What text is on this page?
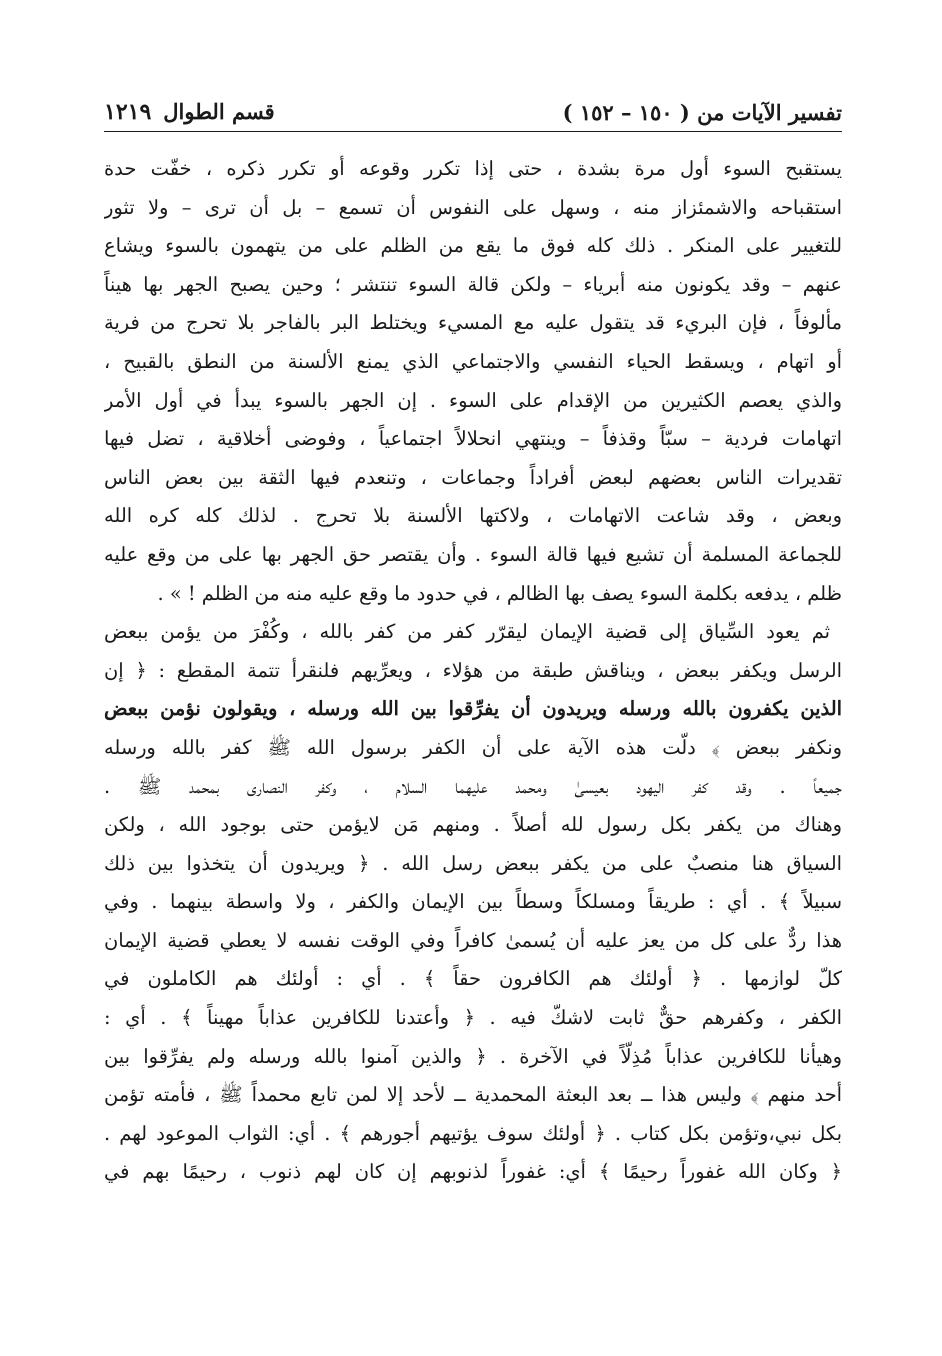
تفسير الآيات من ( ١٥٠ – ١٥٢ )
قسم الطوال
١٢١٩
يستقبح السوء أول مرة بشدة ، حتى إذا تكرر وقوعه أو تكرر ذكره ، خفّت حدة
استقباحه والاشمئزاز منه ، وسهل على النفوس أن تسمع – بل أن ترى – ولا تثور
للتغيير على المنكر . ذلك كله فوق ما يقع من الظلم على من يتهمون بالسوء ويشاع
عنهم – وقد يكونون منه أبرياء – ولكن قالة السوء تنتشر ؛ وحين يصبح الجهر بها هيناً
مألوفاً ، فإن البريء قد يتقول عليه مع المسيء ويختلط البر بالفاجر بلا تحرج من فرية
أو اتهام ، ويسقط الحياء النفسي والاجتماعي الذي يمنع الألسنة من النطق بالقبيح ،
والذي يعصم الكثيرين من الإقدام على السوء . إن الجهر بالسوء يبدأ في أول الأمر
اتهامات فردية – سبّاً وقذفاً – وينتهي انحلالاً اجتماعياً ، وفوضى أخلاقية ، تضل فيها
تقديرات الناس بعضهم لبعض أفراداً وجماعات ، وتنعدم فيها الثقة بين بعض الناس
وبعض ، وقد شاعت الاتهامات ، ولاكتها الألسنة بلا تحرج . لذلك كله كره الله
للجماعة المسلمة أن تشيع فيها قالة السوء . وأن يقتصر حق الجهر بها على من وقع عليه
ظلم ، يدفعه بكلمة السوء يصف بها الظالم ، في حدود ما وقع عليه منه من الظلم ! » .
ثم يعود السِّياق إلى قضية الإيمان ليقرّر كفر من كفر بالله ، وكُفْرَ من يؤمن ببعض
الرسل ويكفر ببعض ، ويناقش طبقة من هؤلاء ، ويعرِّيهم فلنقرأ تتمة المقطع : ﴿ إن
الذين يكفرون بالله ورسله ويريدون أن يفرِّقوا بين الله ورسله ، ويقولون نؤمن ببعض
ونكفر ببعض ﴾ دلّت هذه الآية على أن الكفر برسول الله ﷺ كفر بالله ورسله
جميعاً . وقد كفر اليهود بعيسىٰ ومحمد عليهما السلام ، وكفر النصارى بمحمد ﷺ .
وهناك من يكفر بكل رسول لله أصلاً . ومنهم مَن لايؤمن حتى بوجود الله ، ولكن
السياق هنا منصبٌ على من يكفر ببعض رسل الله . ﴿ ويريدون أن يتخذوا بين ذلك
سبيلاً ﴾ . أي : طريقاً ومسلكاً وسطاً بين الإيمان والكفر ، ولا واسطة بينهما . وفي
هذا ردٌّ على كل من يعز عليه أن يُسمىٰ كافراً وفي الوقت نفسه لا يعطي قضية الإيمان
كلّ لوازمها . ﴿ أولئك هم الكافرون حقاً ﴾ . أي : أولئك هم الكاملون في
الكفر ، وكفرهم حقٌّ ثابت لاشكّ فيه . ﴿ وأعتدنا للكافرين عذاباً مهيناً ﴾ . أي :
وهيأنا للكافرين عذاباً مُذِلّاً في الآخرة . ﴿ والذين آمنوا بالله ورسله ولم يفرِّقوا بين
أحد منهم ﴾ وليس هذا ــ بعد البعثة المحمدية ــ لأحد إلا لمن تابع محمداً ﷺ ، فأمته تؤمن
بكل نبي،وتؤمن بكل كتاب . ﴿ أولئك سوف يؤتيهم أجورهم ﴾ . أي: الثواب الموعود لهم .
﴿ وكان الله غفوراً رحيمًا ﴾ أي: غفوراً لذنوبهم إن كان لهم ذنوب ، رحيمًا بهم في
